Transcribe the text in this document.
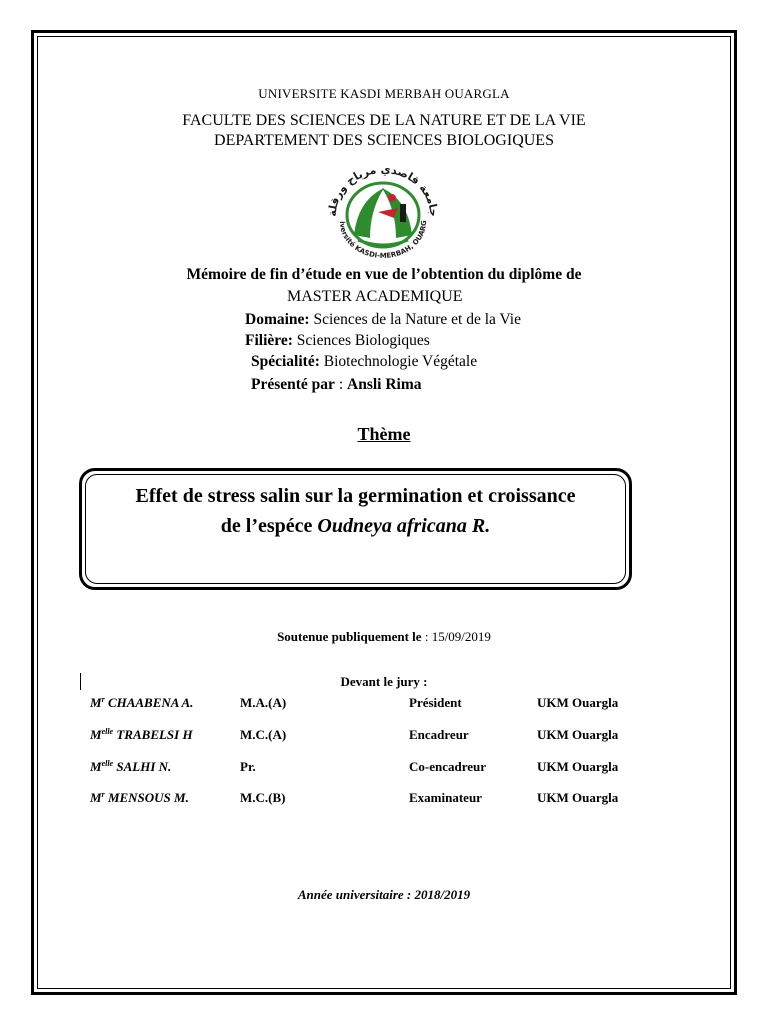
UNIVERSITE KASDI MERBAH OUARGLA
FACULTE DES SCIENCES DE LA NATURE ET DE LA VIE
DEPARTEMENT DES SCIENCES BIOLOGIQUES
جامعة قاصدي مرباح ورقلة
iversité KASDI-MERBAH, OUARG
Mémoire de fin d’étude en vue de l’obtention du diplôme de
MASTER ACADEMIQUE
Domaine: Sciences de la Nature et de la Vie
Filière: Sciences Biologiques
Spécialité: Biotechnologie Végétale
Présenté par : Ansli Rima
Thème
Effet de stress salin sur la germination et croissance
de l’espéce Oudneya africana R.
Soutenue publiquement le : 15/09/2019
Devant le jury :
$M^r$ CHAABENA A.	M.A.(A)	Président	UKM Ouargla
$M^{elle}$ TRABELSI H	M.C.(A)	Encadreur	UKM Ouargla
$M^{elle}$ SALHI N.	Pr.	Co-encadreur	UKM Ouargla
$M^r$ MENSOUS M.	M.C.(B)	Examinateur	UKM Ouargla
Année universitaire : 2018/2019
